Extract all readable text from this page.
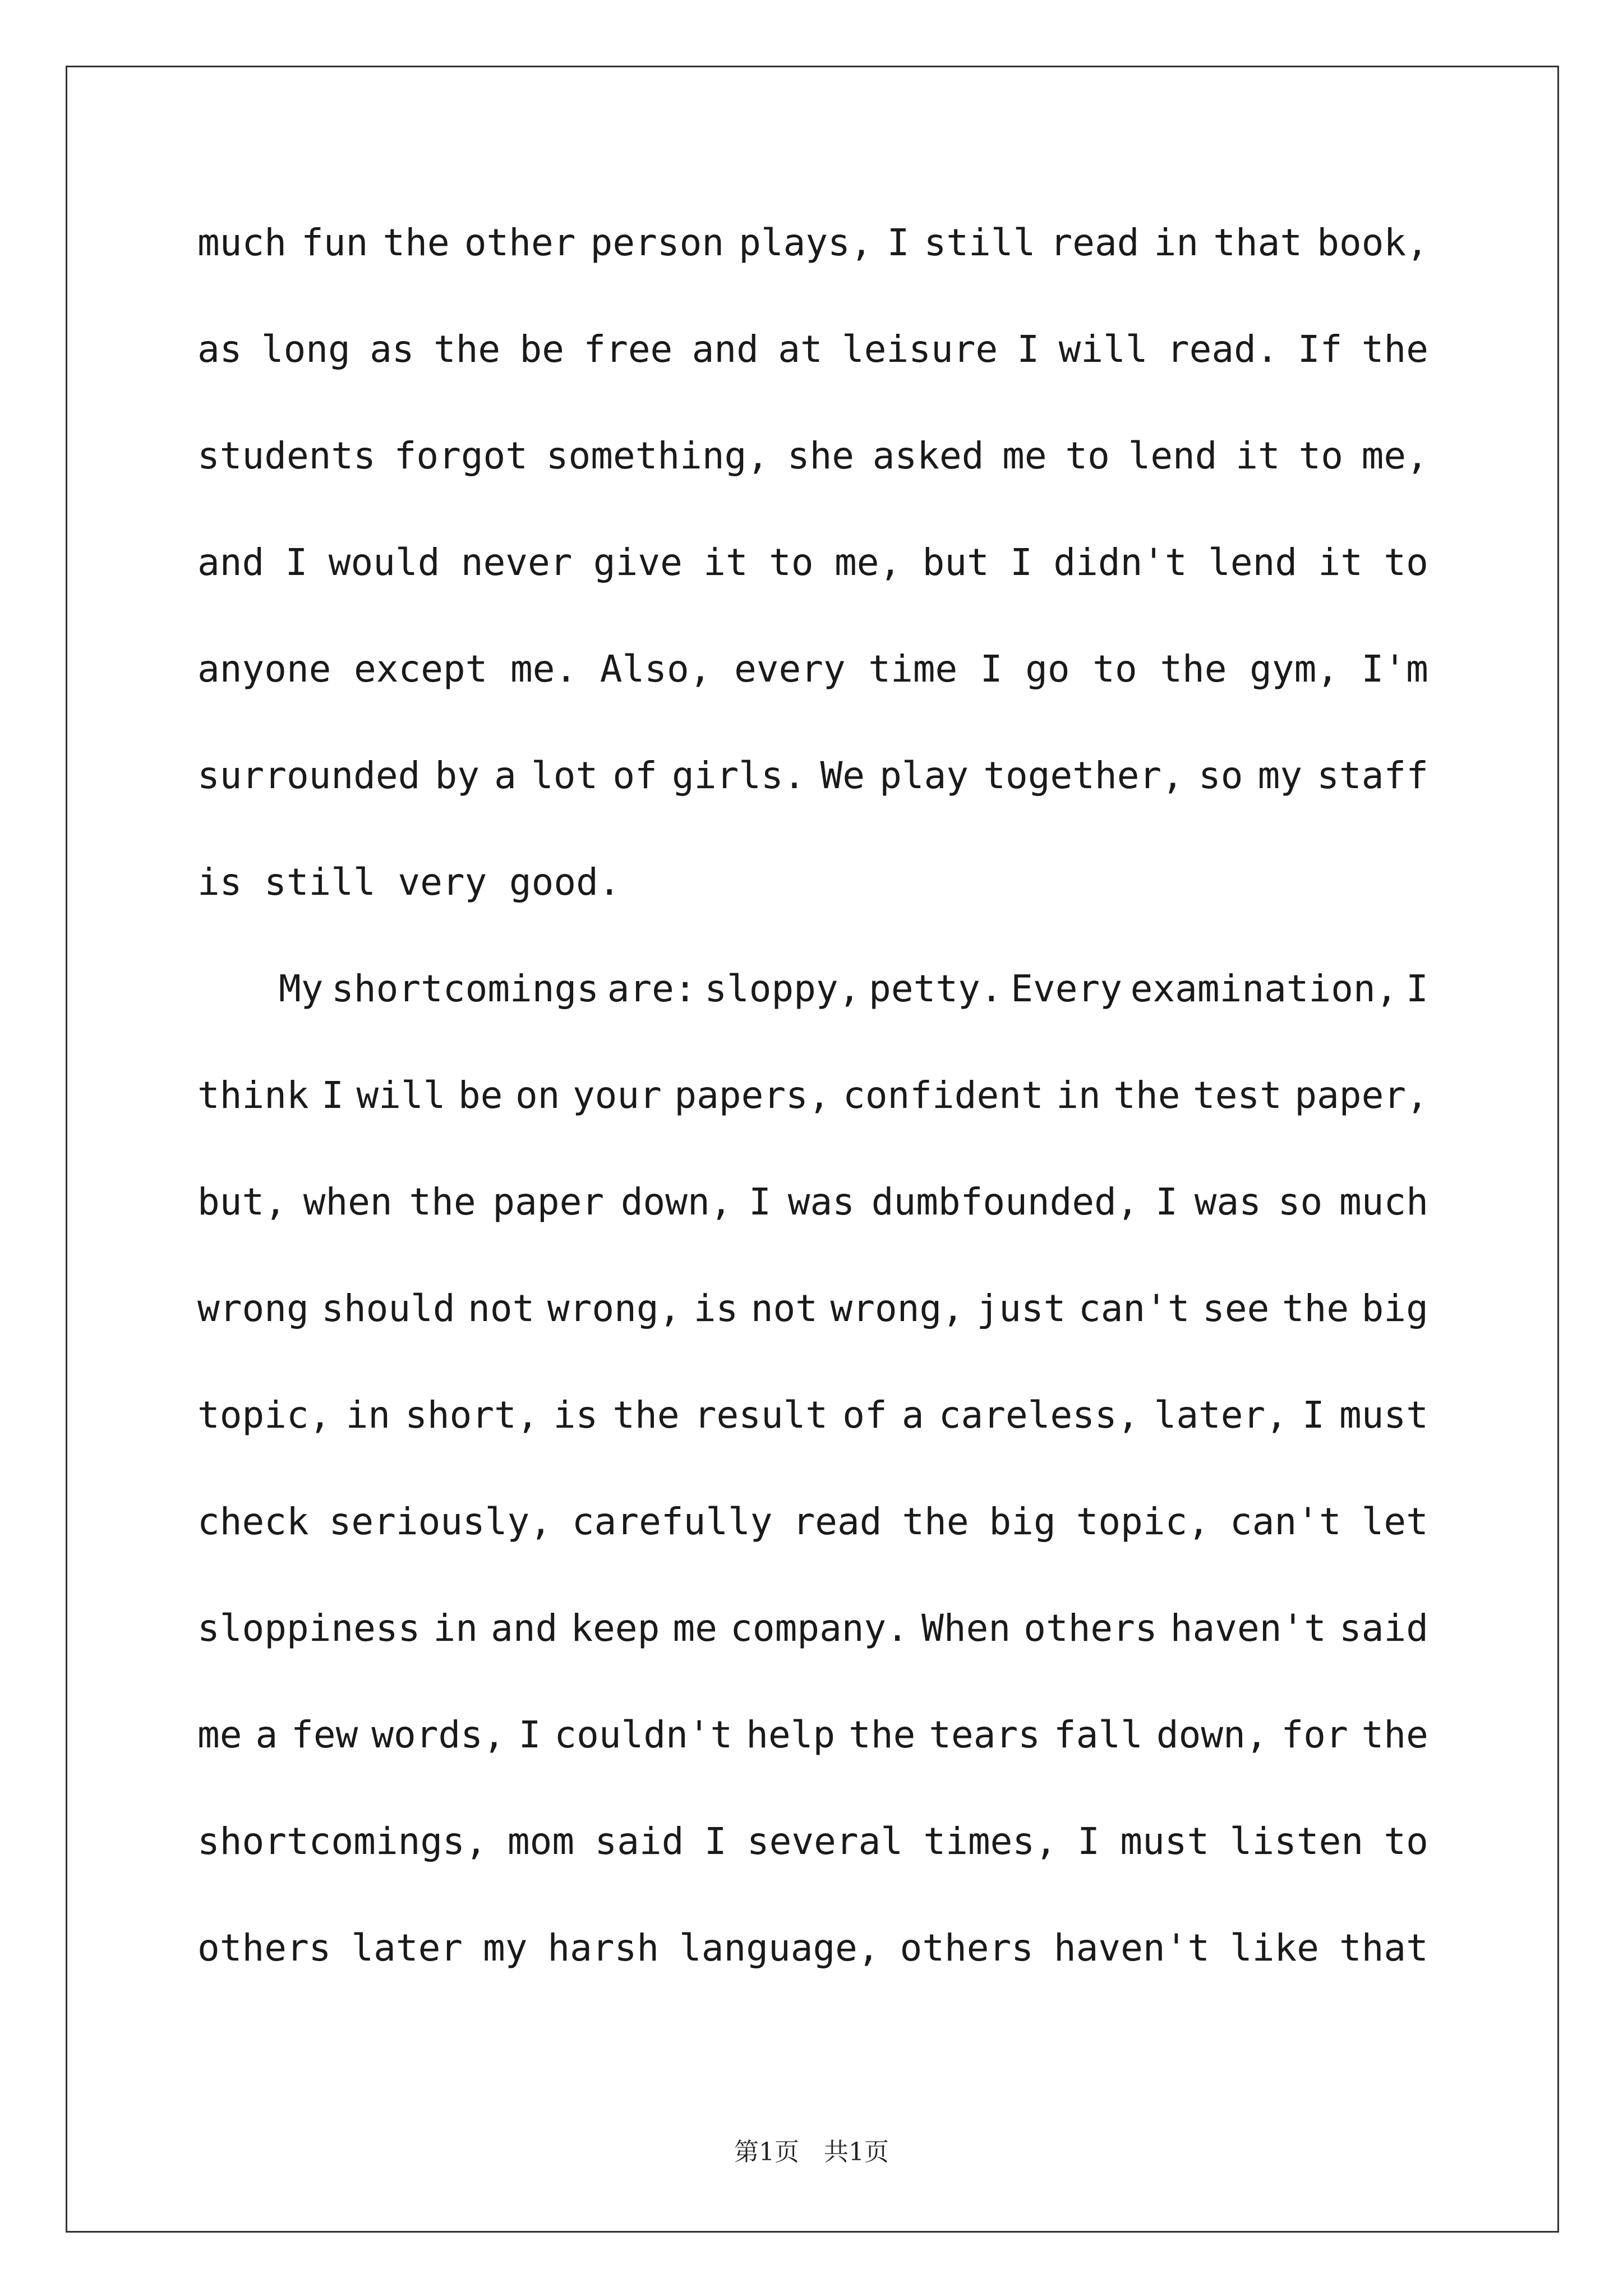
much fun the other person plays, I still read in that book,
as long as the be free and at leisure I will read. If the
students forgot something, she asked me to lend it to me,
and I would never give it to me, but I didn't lend it to
anyone except me. Also, every time I go to the gym, I'm
surrounded by a lot of girls. We play together, so my staff
is still very good.
My shortcomings are: sloppy, petty. Every examination, I
think I will be on your papers, confident in the test paper,
but, when the paper down, I was dumbfounded, I was so much
wrong should not wrong, is not wrong, just can't see the big
topic, in short, is the result of a careless, later, I must
check seriously, carefully read the big topic, can't let
sloppiness in and keep me company. When others haven't said
me a few words, I couldn't help the tears fall down, for the
shortcomings, mom said I several times, I must listen to
others later my harsh language, others haven't like that
第1页　共1页
